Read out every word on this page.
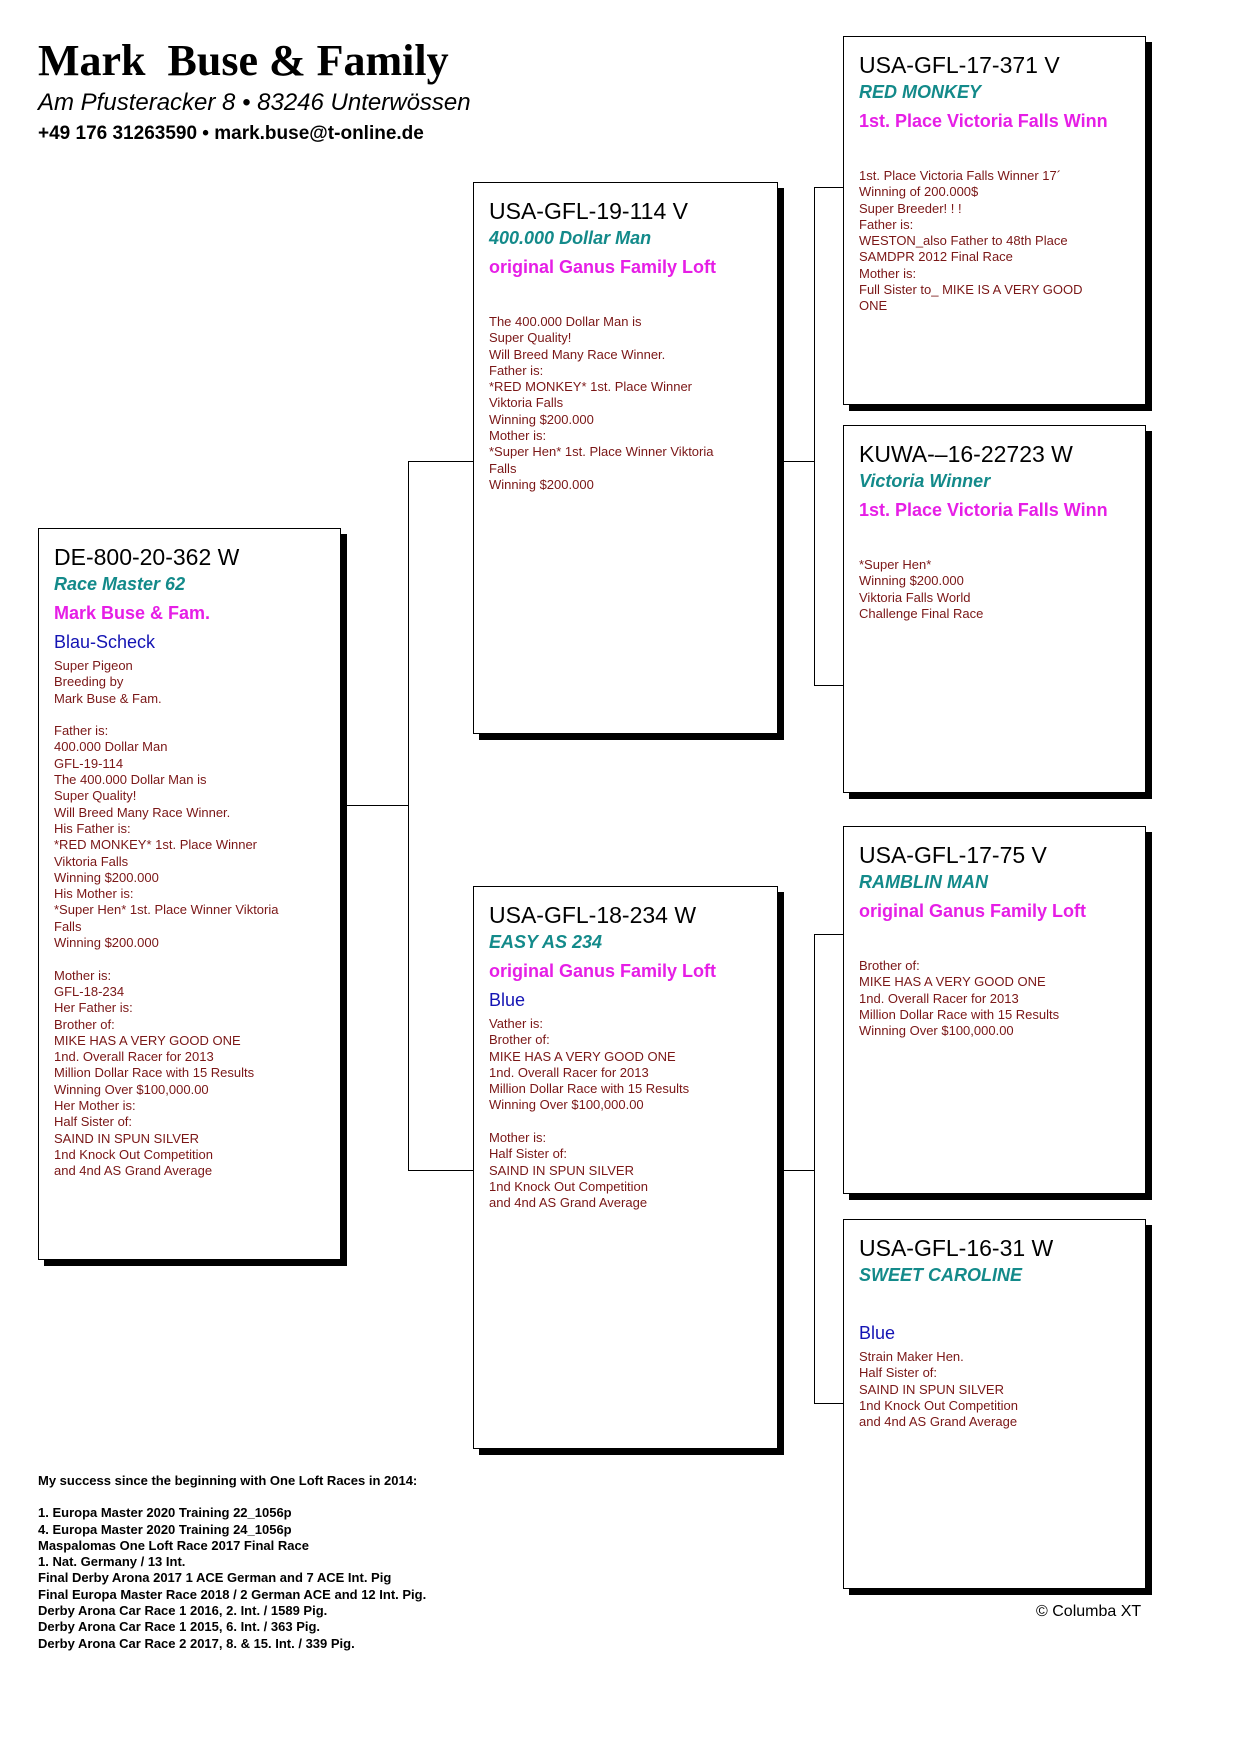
Mark  Buse & Family
Am Pfusteracker 8 • 83246 Unterwössen
+49 176 31263590 • mark.buse@t-online.de
DE-800-20-362 W
Race Master 62
Mark Buse & Fam.
Blau-Scheck
Super Pigeon
Breeding by
Mark Buse & Fam.

Father is:
400.000 Dollar Man
GFL-19-114
The 400.000 Dollar Man is
Super Quality!
Will Breed Many Race Winner.
His Father is:
*RED MONKEY* 1st. Place Winner
Viktoria Falls
Winning $200.000
His Mother is:
*Super Hen* 1st. Place Winner Viktoria
Falls
Winning $200.000

Mother is:
GFL-18-234
Her Father is:
Brother of:
MIKE HAS A VERY GOOD ONE
1nd. Overall Racer for 2013
Million Dollar Race with 15 Results
Winning Over $100,000.00
Her Mother is:
Half Sister of:
SAIND IN SPUN SILVER
1nd Knock Out Competition
and 4nd AS Grand Average
USA-GFL-19-114 V
400.000 Dollar Man
original Ganus Family Loft
The 400.000 Dollar Man is
Super Quality!
Will Breed Many Race Winner.
Father is:
*RED MONKEY* 1st. Place Winner
Viktoria Falls
Winning $200.000
Mother is:
*Super Hen* 1st. Place Winner Viktoria
Falls
Winning $200.000
USA-GFL-18-234 W
EASY AS 234
original Ganus Family Loft
Blue
Vather is:
Brother of:
MIKE HAS A VERY GOOD ONE
1nd. Overall Racer for 2013
Million Dollar Race with 15 Results
Winning Over $100,000.00

Mother is:
Half Sister of:
SAIND IN SPUN SILVER
1nd Knock Out Competition
and 4nd AS Grand Average
USA-GFL-17-371 V
RED MONKEY
1st. Place Victoria Falls Winn
1st. Place Victoria Falls Winner 17´
Winning of 200.000$
Super Breeder! ! !
Father is:
WESTON_also Father to 48th Place
SAMDPR 2012 Final Race
Mother is:
Full Sister to_ MIKE IS A VERY GOOD
ONE
KUWA-–16-22723 W
Victoria Winner
1st. Place Victoria Falls Winn
*Super Hen*
Winning $200.000
Viktoria Falls World
Challenge Final Race
USA-GFL-17-75 V
RAMBLIN MAN
original Ganus Family Loft
Brother of:
MIKE HAS A VERY GOOD ONE
1nd. Overall Racer for 2013
Million Dollar Race with 15 Results
Winning Over $100,000.00
USA-GFL-16-31 W
SWEET CAROLINE
Blue
Strain Maker Hen.
Half Sister of:
SAIND IN SPUN SILVER
1nd Knock Out Competition
and 4nd AS Grand Average
My success since the beginning with One Loft Races in 2014:
1. Europa Master 2020 Training 22_1056p
4. Europa Master 2020 Training 24_1056p
Maspalomas One Loft Race 2017 Final Race
1. Nat. Germany / 13 Int.
Final Derby Arona 2017 1 ACE German and 7 ACE Int. Pig
Final Europa Master Race 2018 / 2 German ACE and 12 Int. Pig.
Derby Arona Car Race 1 2016, 2. Int. / 1589 Pig.
Derby Arona Car Race 1 2015, 6. Int. / 363 Pig.
Derby Arona Car Race 2 2017, 8. & 15. Int. / 339 Pig.
© Columba XT
